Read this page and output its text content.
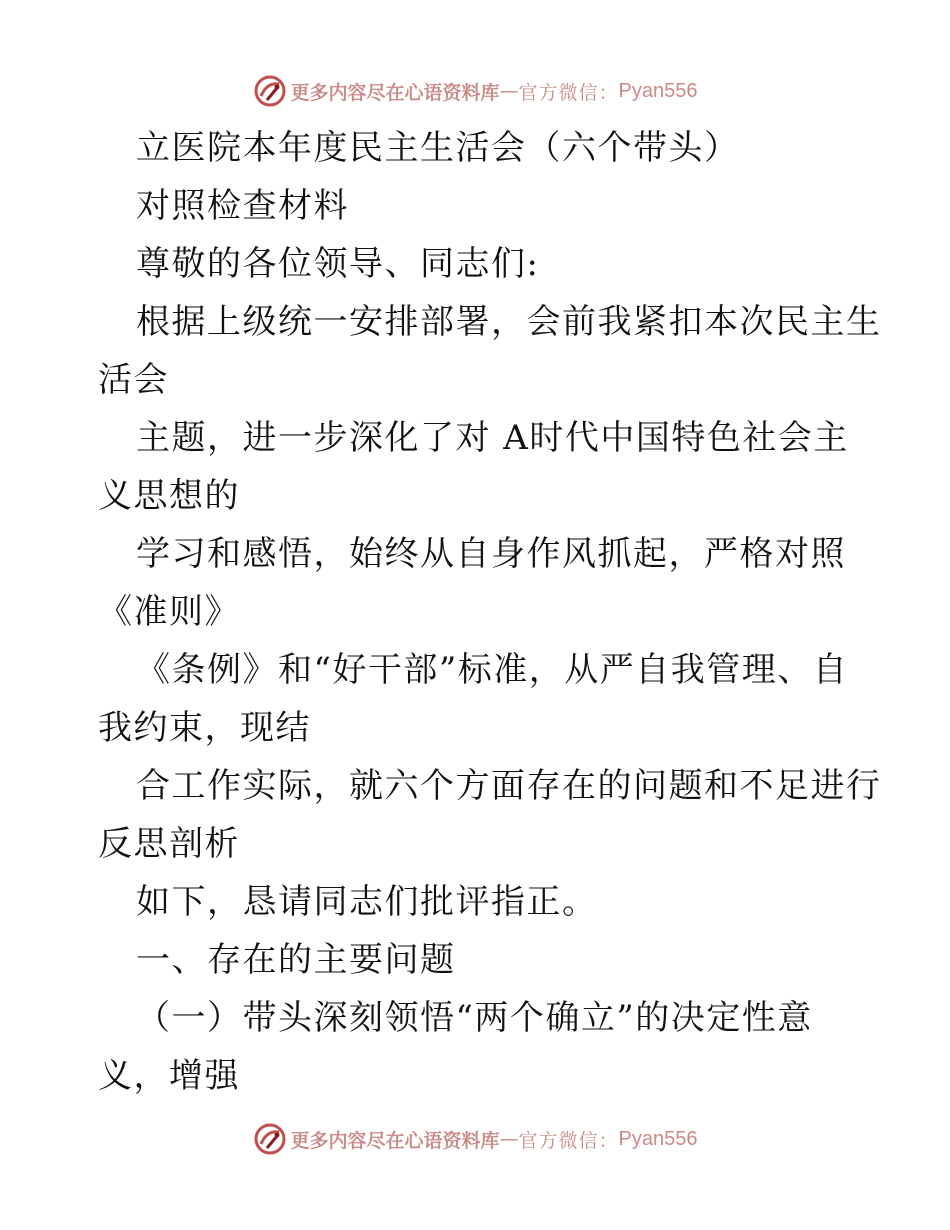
更多内容尽在心语资料库 — 官方微信： Pyan556
立医院本年度民主生活会（六个带头）
对照检查材料
尊敬的各位领导、同志们:
根据上级统一安排部署，会前我紧扣本次民主生
活会
主题，进一步深化了对 A时代中国特色社会主
义思想的
学习和感悟，始终从自身作风抓起，严格对照
《准则》
《条例》和“好干部”标准，从严自我管理、自
我约束，现结
合工作实际，就六个方面存在的问题和不足进行
反思剖析
如下，恳请同志们批评指正。
一、存在的主要问题
（一）带头深刻领悟“两个确立”的决定性意
义，增强
更多内容尽在心语资料库 — 官方微信： Pyan556
